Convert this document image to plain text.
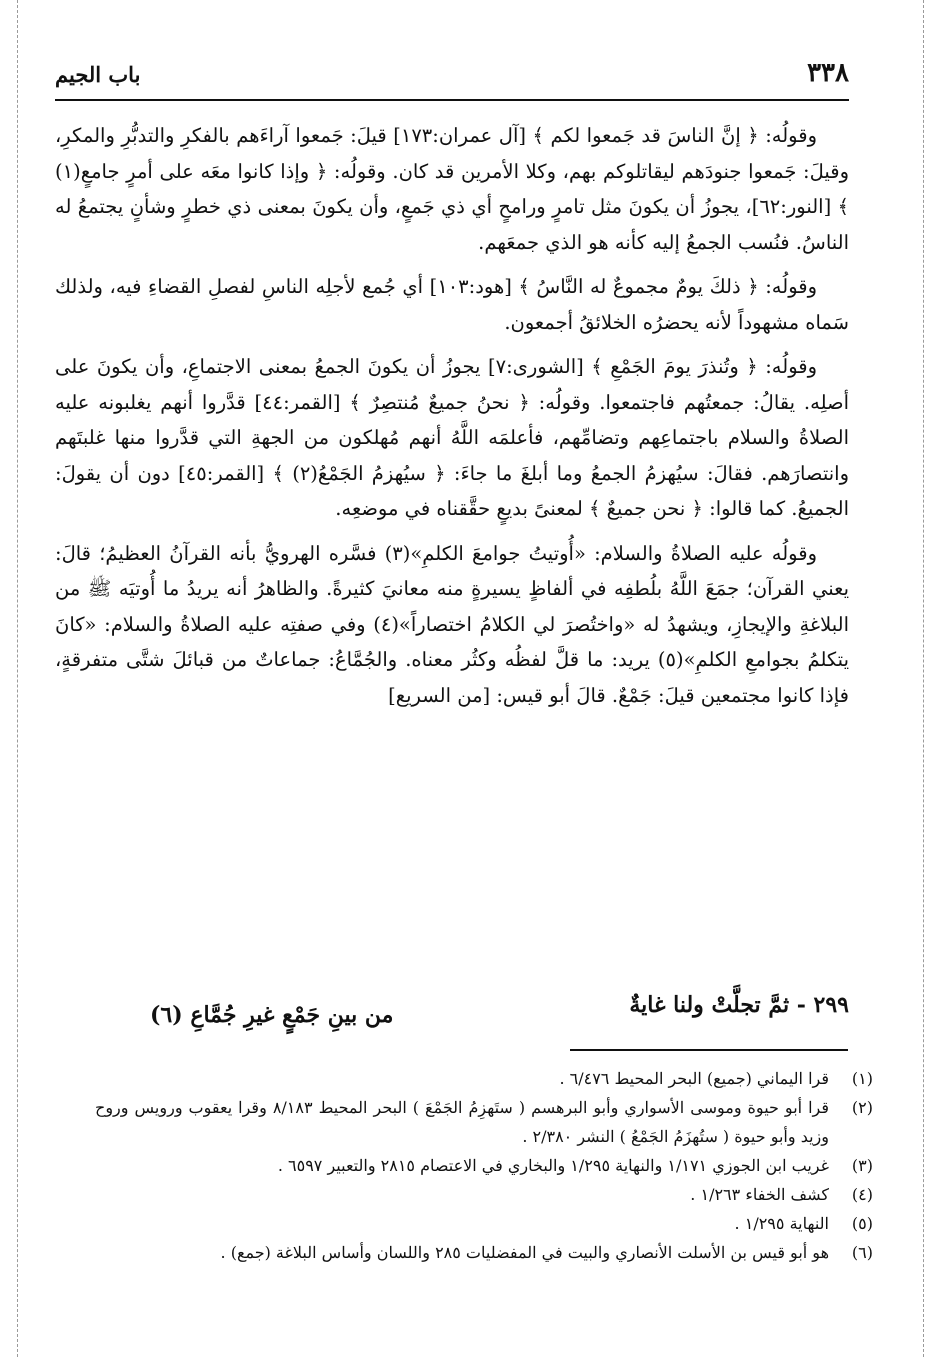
٣٣٨
باب الجيم

وقولُه: ﴿ إنَّ الناسَ قد جَمعوا لكم ﴾ [آل عمران:١٧٣] قيلَ: جَمعوا آراءَهم بالفكرِ والتدبُّرِ والمكرِ، وقيلَ: جَمعوا جنودَهم ليقاتلوكم بهم، وكلا الأمرين قد كان. وقولُه: ﴿ وإذا كانوا معَه على أمرٍ جامعٍ(١) ﴾ [النور:٦٢]، يجوزُ أن يكونَ مثل تامرٍ ورامحٍ أي ذي جَمعٍ، وأن يكونَ بمعنى ذي خطرٍ وشأنٍ يجتمعُ له الناسُ. فنُسب الجمعُ إليه كأنه هو الذي جمعَهم.

وقولُه: ﴿ ذلكَ يومٌ مجموعٌ له النَّاسُ ﴾ [هود:١٠٣] أي جُمع لأجلِه الناسِ لفصلِ القضاءِ فيه، ولذلك سَماه مشهوداً لأنه يحضرُه الخلائقُ أجمعون.

وقولُه: ﴿ وتُنذرَ يومَ الجَمْعِ ﴾ [الشورى:٧] يجوزُ أن يكونَ الجمعُ بمعنى الاجتماعِ، وأن يكونَ على أصلِه. يقالُ: جمعتُهم فاجتمعوا. وقولُه: ﴿ نحنُ جميعٌ مُنتصِرٌ ﴾ [القمر:٤٤] قدَّروا أنهم يغلبونه عليه الصلاةُ والسلام باجتماعِهم وتضامِّهم، فأعلمَه اللَّهُ أنهم مُهلكون من الجهةِ التي قدَّروا منها غلبتَهم وانتصارَهم. فقالَ: سيُهزمُ الجمعُ وما أبلغَ ما جاءَ: ﴿ سيُهزمُ الجَمْعُ(٢) ﴾ [القمر:٤٥] دون أن يقولَ: الجميعُ. كما قالوا: ﴿ نحن جميعٌ ﴾ لمعنىً بديعٍ حقَّقناه في موضعِه.

وقولُه عليه الصلاةُ والسلام: «أُوتيتُ جوامعَ الكلمِ»(٣) فسَّره الهرويُّ بأنه القرآنُ العظيمُ؛ قالَ: يعني القرآن؛ جمَعَ اللَّهُ بلُطفِه في ألفاظٍ يسيرةٍ منه معانيَ كثيرةً. والظاهرُ أنه يريدُ ما أُوتيَه ﷺ من البلاغةِ والإيجازِ، ويشهدُ له «واختُصرَ لي الكلامُ اختصاراً»(٤) وفي صفتِه عليه الصلاةُ والسلام: «كانَ يتكلمُ بجوامعِ الكلمِ»(٥) يريد: ما قلَّ لفظُه وكثُر معناه. والجُمَّاعُ: جماعاتٌ من قبائلَ شتَّى متفرقةٍ، فإذا كانوا مجتمعين قيلَ: جَمْعٌ. قالَ أبو قيس: [من السريع]

٢٩٩ - ثمَّ تجلَّتْ ولنا غايةٌ
من بينِ جَمْعٍ غيرِ جُمَّاعِ (٦)
(١)
قرا اليماني (جميع) البحر المحيط ٦/٤٧٦ .
(٢)
قرا أبو حيوة وموسى الأسواري وأبو البرهسم ( ستَهزِمُ الجَمْعَ ) البحر المحيط ٨/١٨٣ وقرا يعقوب ورويس وروح وزيد وأبو حيوة ( ستُهزَمُ الجَمْعُ ) النشر ٢/٣٨٠ .
(٣)
غريب ابن الجوزي ١/١٧١ والنهاية ١/٢٩٥ والبخاري في الاعتصام ٢٨١٥ والتعبير ٦٥٩٧ .
(٤)
كشف الخفاء ١/٢٦٣ .
(٥)
النهاية ١/٢٩٥ .
(٦)
هو أبو قيس بن الأسلت الأنصاري والبيت في المفضليات ٢٨٥ واللسان وأساس البلاغة (جمع) .
